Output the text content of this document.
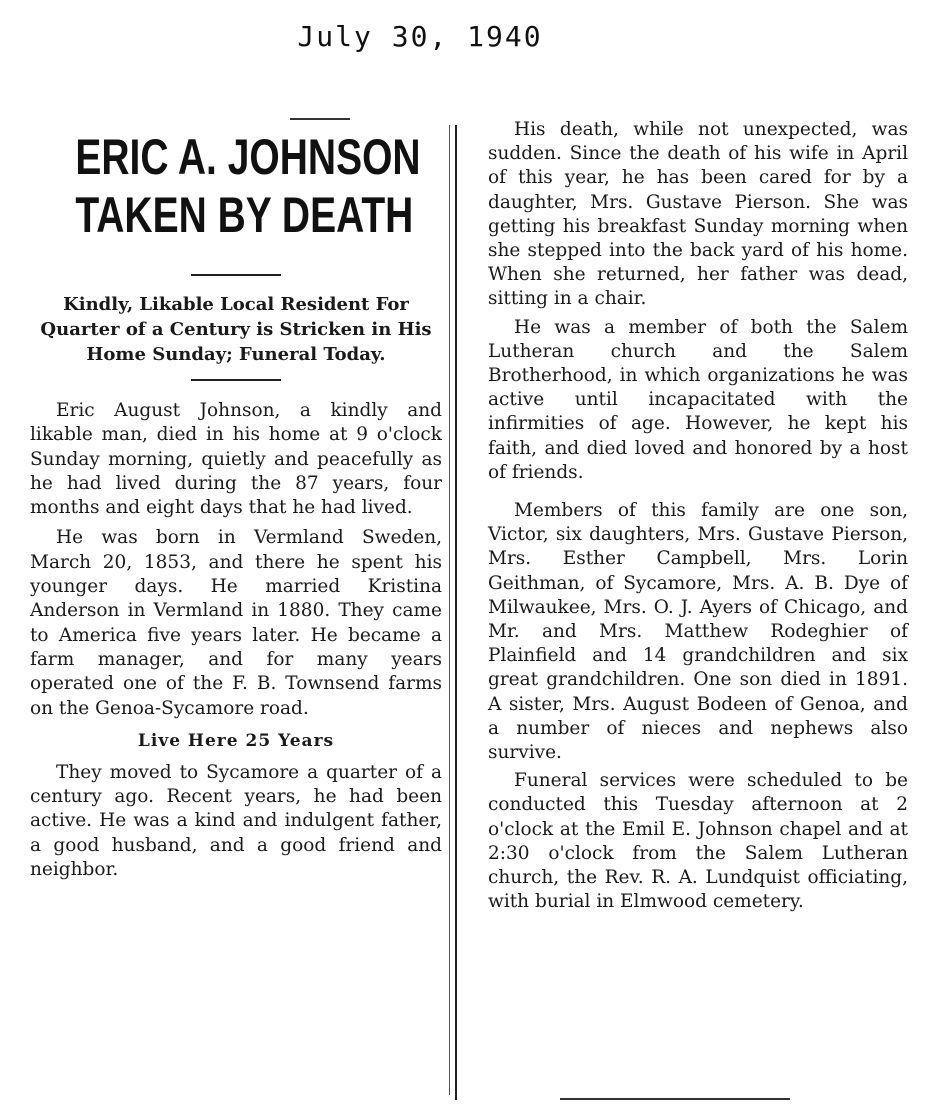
July 30, 1940
ERIC A. JOHNSON
TAKEN BY DEATH
Kindly, Likable Local Resident For Quarter of a Century is Stricken in His Home Sunday; Funeral Today.

Eric August Johnson, a kindly and likable man, died in his home at 9 o'clock Sunday morning, quietly and peacefully as he had lived during the 87 years, four months and eight days that he had lived.

He was born in Vermland Sweden, March 20, 1853, and there he spent his younger days. He married Kristina Anderson in Vermland in 1880. They came to America five years later. He became a farm manager, and for many years operated one of the F. B. Townsend farms on the Genoa-Sycamore road.

Live Here 25 Years

They moved to Sycamore a quarter of a century ago. Recent years, he had been active. He was a kind and indulgent father, a good husband, and a good friend and neighbor.

His death, while not unexpected, was sudden. Since the death of his wife in April of this year, he has been cared for by a daughter, Mrs. Gustave Pierson. She was getting his breakfast Sunday morning when she stepped into the back yard of his home. When she returned, her father was dead, sitting in a chair.

He was a member of both the Salem Lutheran church and the Salem Brotherhood, in which organizations he was active until incapacitated with the infirmities of age. However, he kept his faith, and died loved and honored by a host of friends.

Members of this family are one son, Victor, six daughters, Mrs. Gustave Pierson, Mrs. Esther Campbell, Mrs. Lorin Geithman, of Sycamore, Mrs. A. B. Dye of Milwaukee, Mrs. O. J. Ayers of Chicago, and Mr. and Mrs. Matthew Rodeghier of Plainfield and 14 grandchildren and six great grandchildren. One son died in 1891. A sister, Mrs. August Bodeen of Genoa, and a number of nieces and nephews also survive.

Funeral services were scheduled to be conducted this Tuesday afternoon at 2 o'clock at the Emil E. Johnson chapel and at 2:30 o'clock from the Salem Lutheran church, the Rev. R. A. Lundquist officiating, with burial in Elmwood cemetery.
